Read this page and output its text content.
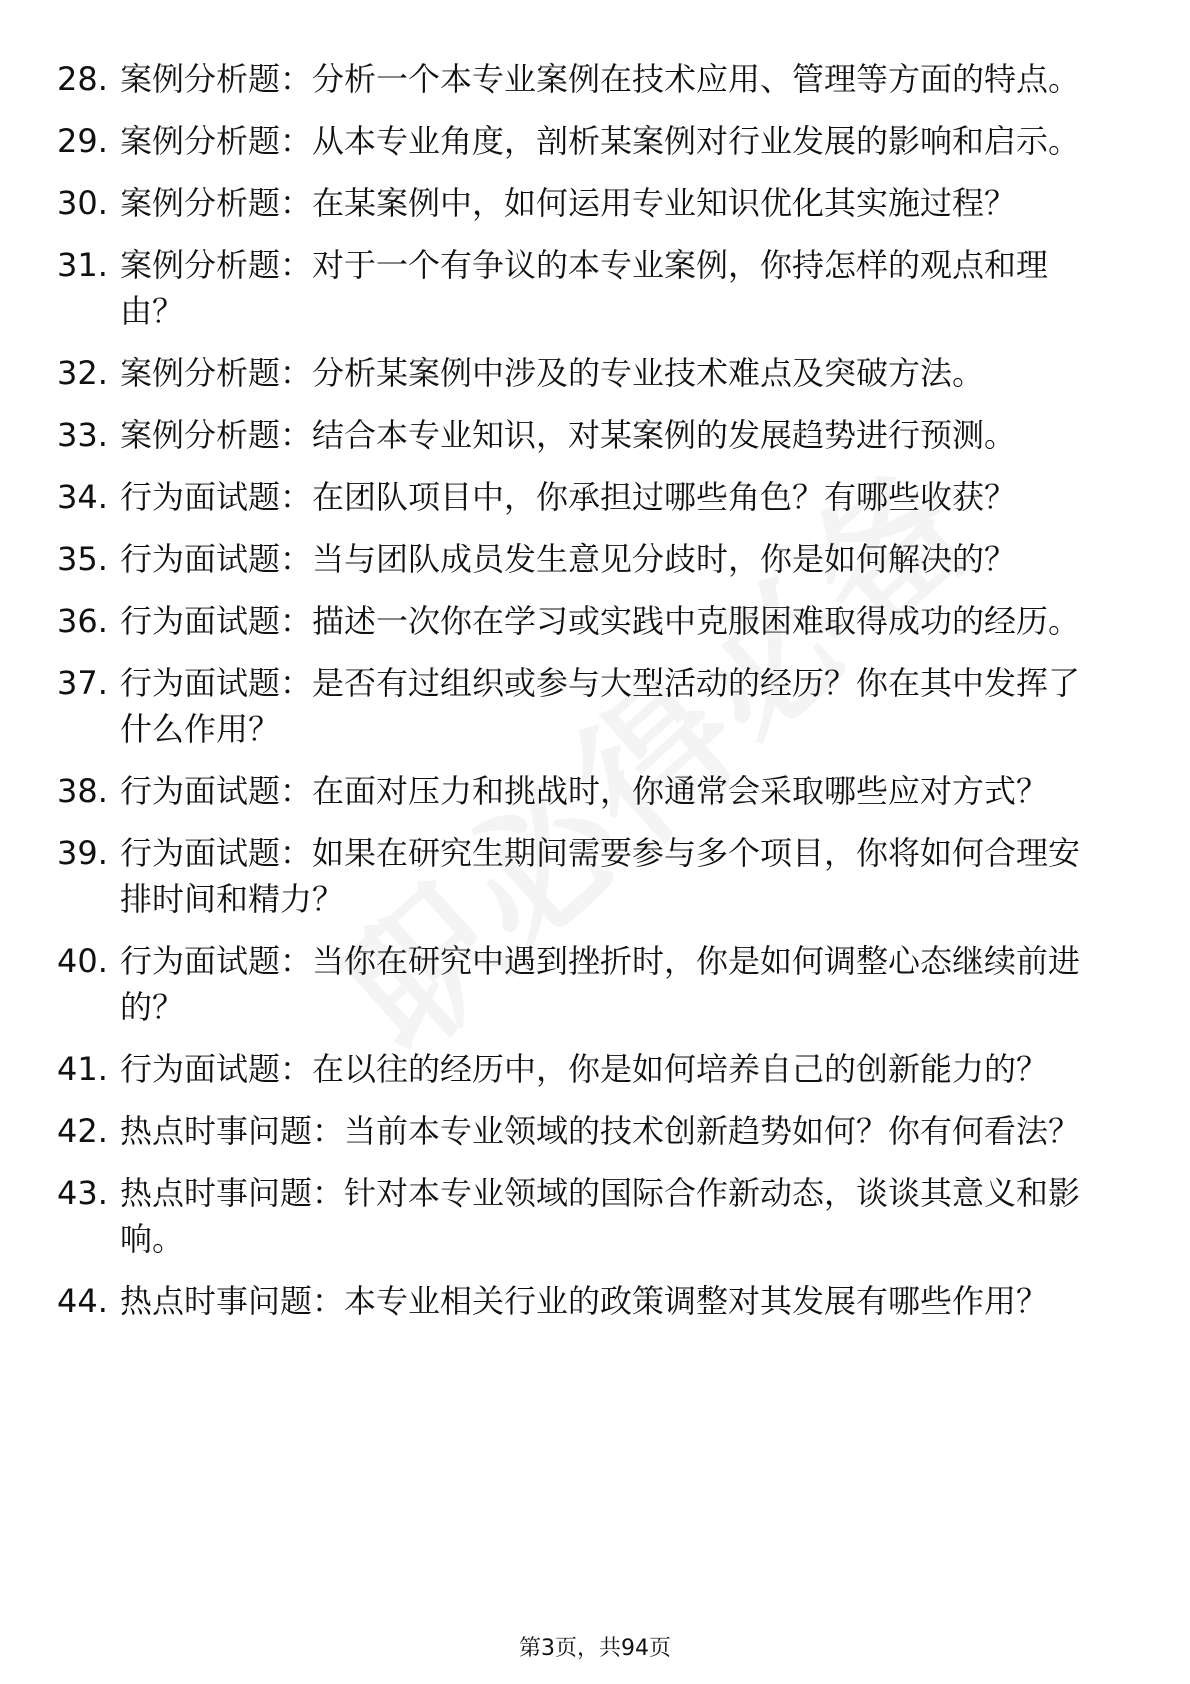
28. 案例分析题：分析一个本专业案例在技术应用、管理等方面的特点。
29. 案例分析题：从本专业角度，剖析某案例对行业发展的影响和启示。
30. 案例分析题：在某案例中，如何运用专业知识优化其实施过程？
31. 案例分析题：对于一个有争议的本专业案例，你持怎样的观点和理由？
32. 案例分析题：分析某案例中涉及的专业技术难点及突破方法。
33. 案例分析题：结合本专业知识，对某案例的发展趋势进行预测。
34. 行为面试题：在团队项目中，你承担过哪些角色？有哪些收获？
35. 行为面试题：当与团队成员发生意见分歧时，你是如何解决的？
36. 行为面试题：描述一次你在学习或实践中克服困难取得成功的经历。
37. 行为面试题：是否有过组织或参与大型活动的经历？你在其中发挥了什么作用？
38. 行为面试题：在面对压力和挑战时，你通常会采取哪些应对方式？
39. 行为面试题：如果在研究生期间需要参与多个项目，你将如何合理安排时间和精力？
40. 行为面试题：当你在研究中遇到挫折时，你是如何调整心态继续前进的？
41. 行为面试题：在以往的经历中，你是如何培养自己的创新能力的？
42. 热点时事问题：当前本专业领域的技术创新趋势如何？你有何看法？
43. 热点时事问题：针对本专业领域的国际合作新动态，谈谈其意义和影响。
44. 热点时事问题：本专业相关行业的政策调整对其发展有哪些作用？
第3页，共94页
